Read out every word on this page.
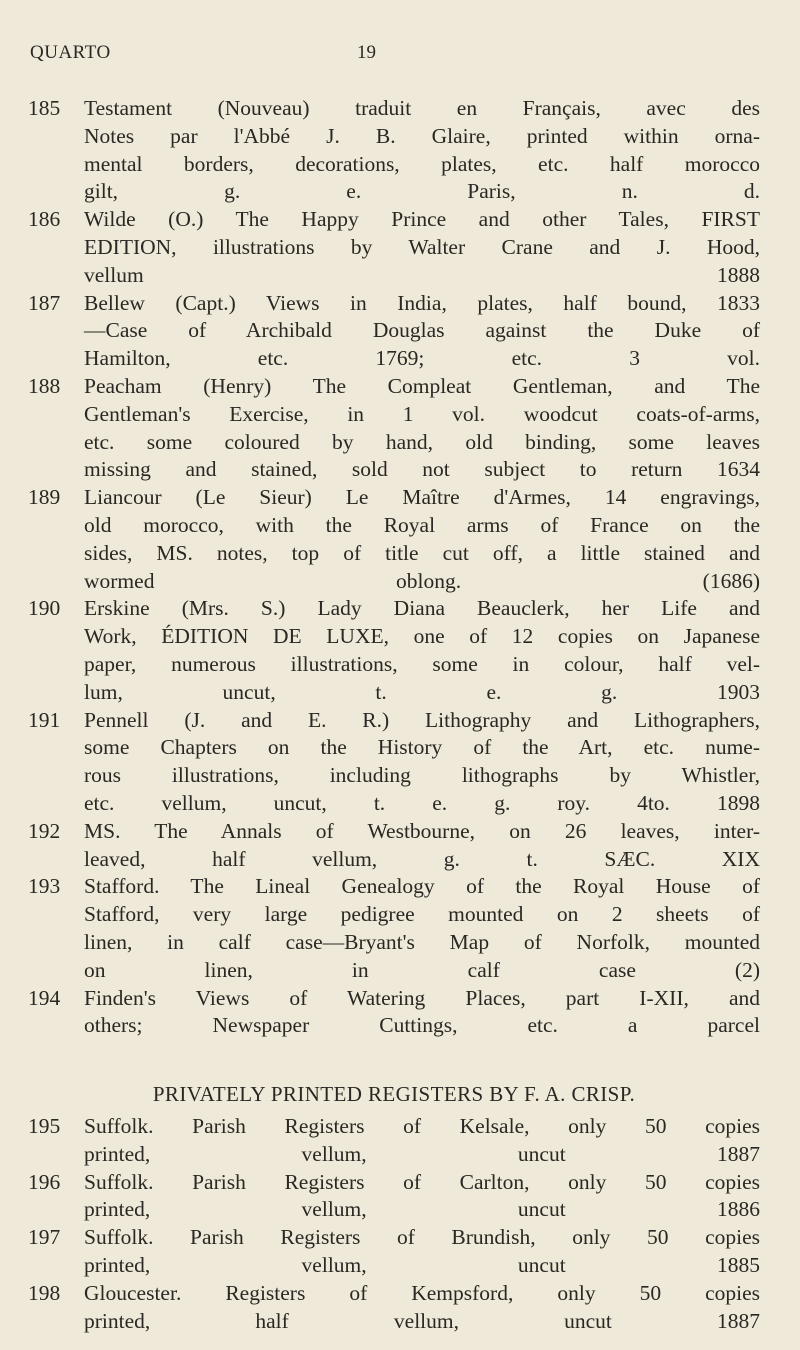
QUARTO	19
185	Testament (Nouveau) traduit en Français, avec des
Notes par l'Abbé J. B. Glaire, printed within orna-
mental borders, decorations, plates, etc. half morocco
gilt, g. e. Paris, n. d.
186	Wilde (O.) The Happy Prince and other Tales, FIRST
EDITION, illustrations by Walter Crane and J. Hood,
vellum 1888
187	Bellew (Capt.) Views in India, plates, half bound, 1833
—Case of Archibald Douglas against the Duke of
Hamilton, etc. 1769; etc. 3 vol.
188	Peacham (Henry) The Compleat Gentleman, and The
Gentleman's Exercise, in 1 vol. woodcut coats-of-arms,
etc. some coloured by hand, old binding, some leaves
missing and stained, sold not subject to return 1634
189	Liancour (Le Sieur) Le Maître d'Armes, 14 engravings,
old morocco, with the Royal arms of France on the
sides, MS. notes, top of title cut off, a little stained and
wormed oblong. (1686)
190	Erskine (Mrs. S.) Lady Diana Beauclerk, her Life and
Work, ÉDITION DE LUXE, one of 12 copies on Japanese
paper, numerous illustrations, some in colour, half vel-
lum, uncut, t. e. g. 1903
191	Pennell (J. and E. R.) Lithography and Lithographers,
some Chapters on the History of the Art, etc. nume-
rous illustrations, including lithographs by Whistler,
etc. vellum, uncut, t. e. g. roy. 4to. 1898
192	MS. The Annals of Westbourne, on 26 leaves, inter-
leaved, half vellum, g. t. SÆC. XIX
193	Stafford. The Lineal Genealogy of the Royal House of
Stafford, very large pedigree mounted on 2 sheets of
linen, in calf case—Bryant's Map of Norfolk, mounted
on linen, in calf case (2)
194	Finden's Views of Watering Places, part I-XII, and
others; Newspaper Cuttings, etc. a parcel
PRIVATELY PRINTED REGISTERS BY F. A. CRISP.
195	Suffolk. Parish Registers of Kelsale, only 50 copies
printed, vellum, uncut 1887
196	Suffolk. Parish Registers of Carlton, only 50 copies
printed, vellum, uncut 1886
197	Suffolk. Parish Registers of Brundish, only 50 copies
printed, vellum, uncut 1885
198	Gloucester. Registers of Kempsford, only 50 copies
printed, half vellum, uncut 1887
